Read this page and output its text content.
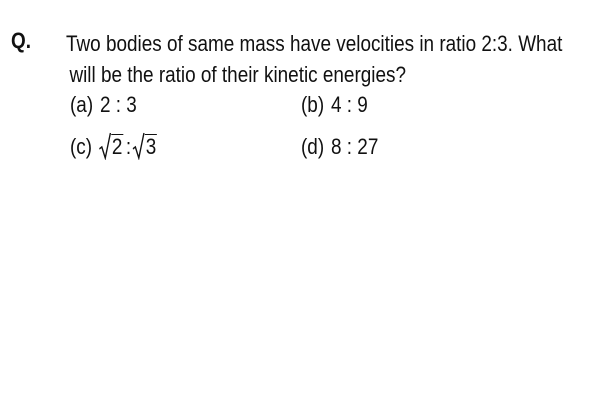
Q. Two bodies of same mass have velocities in ratio 2:3. What
will be the ratio of their kinetic energies?
(a) 2 : 3	(b) 4 : 9
(c) 2 : 3	(d) 8 : 27
